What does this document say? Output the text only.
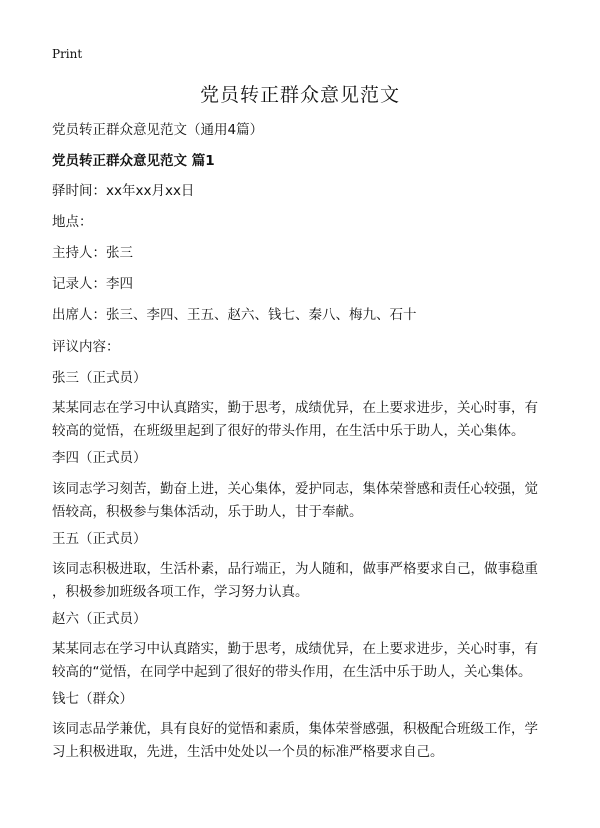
Print
党员转正群众意见范文
党员转正群众意见范文（通用4篇）
党员转正群众意见范文 篇1
驿时间：xx年xx月xx日
地点：
主持人：张三
记录人：李四
出席人：张三、李四、王五、赵六、钱七、秦八、梅九、石十
评议内容：
张三（正式员）
某某同志在学习中认真踏实，勤于思考，成绩优异，在上要求进步，关心时事，有
较高的觉悟，在班级里起到了很好的带头作用，在生活中乐于助人，关心集体。
李四（正式员）
该同志学习刻苦，勤奋上进，关心集体，爱护同志，集体荣誉感和责任心较强，觉
悟较高，积极参与集体活动，乐于助人，甘于奉献。
王五（正式员）
该同志积极进取，生活朴素，品行端正，为人随和，做事严格要求自己，做事稳重
，积极参加班级各项工作，学习努力认真。
赵六（正式员）
某某同志在学习中认真踏实，勤于思考，成绩优异，在上要求进步，关心时事，有
较高的“觉悟，在同学中起到了很好的带头作用，在生活中乐于助人，关心集体。
钱七（群众）
该同志品学兼优，具有良好的觉悟和素质，集体荣誉感强，积极配合班级工作，学
习上积极进取，先进，生活中处处以一个员的标准严格要求自己。
